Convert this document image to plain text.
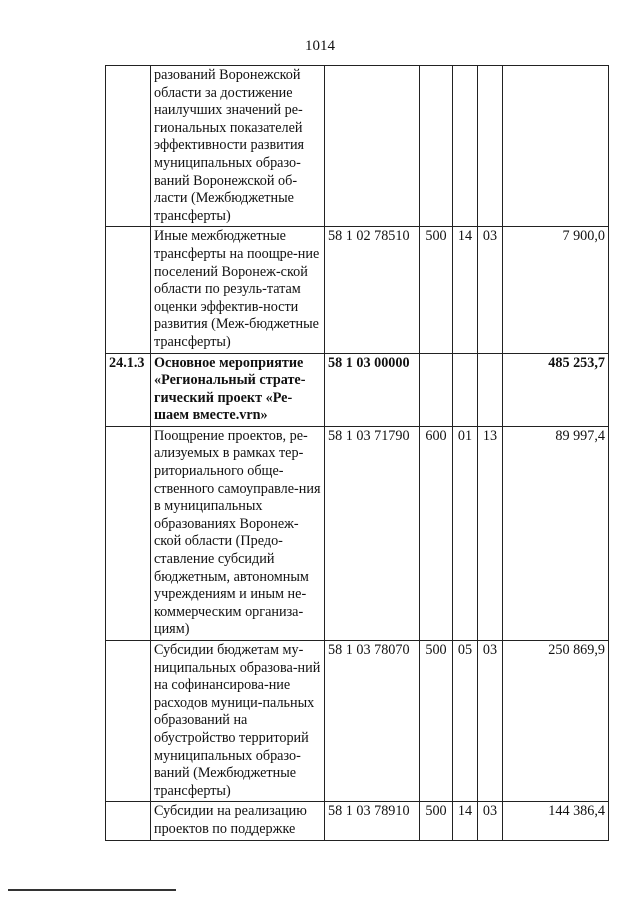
1014
	разований Воронежской области за достижение наилучших значений ре-гиональных показателей эффективности развития муниципальных образо-ваний Воронежской об-ласти (Межбюджетные трансферты)					
	Иные межбюджетные трансферты на поощре-ние поселений Воронеж-ской области по резуль-татам оценки эффектив-ности развития (Меж-бюджетные трансферты)	58 1 02 78510	500	14	03	7 900,0
24.1.3	Основное мероприятие «Региональный страте-гический проект «Ре-шаем вместе.vrn»	58 1 03 00000				485 253,7
	Поощрение проектов, ре-ализуемых в рамках тер-риториального обще-ственного самоуправле-ния в муниципальных образованиях Воронеж-ской области (Предо-ставление субсидий бюджетным, автономным учреждениям и иным не-коммерческим организа-циям)	58 1 03 71790	600	01	13	89 997,4
	Субсидии бюджетам му-ниципальных образова-ний на софинансирова-ние расходов муници-пальных образований на обустройство территорий муниципальных образо-ваний (Межбюджетные трансферты)	58 1 03 78070	500	05	03	250 869,9
	Субсидии на реализацию проектов по поддержке	58 1 03 78910	500	14	03	144 386,4
